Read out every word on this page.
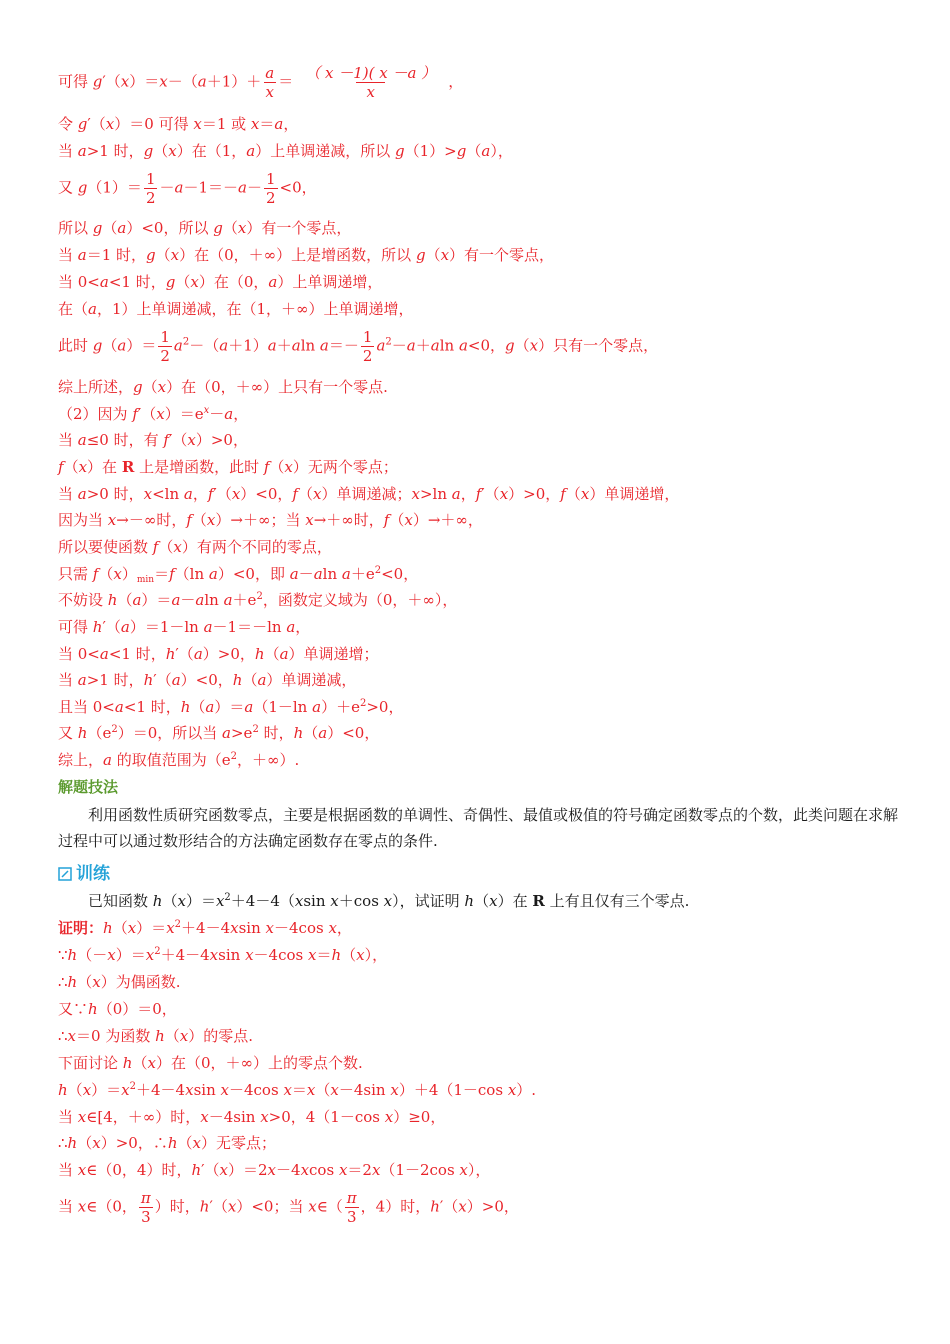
可得 $g'(x)=x-(a+1)+ \frac{a}{x} = \frac{( x -1)( x -a )}{x}$ ，
令 g′（x）＝0 可得 x＝1 或 x＝a，
当 a>1 时，g（x）在（1，a）上单调递减，所以 g（1）>g（a），
又 $g(1)= \frac{1}{2} -a-1=-a- \frac{1}{2} <0$，
所以 g（a）<0，所以 g（x）有一个零点，
当 a＝1 时，g（x）在（0，＋∞）上是增函数，所以 g（x）有一个零点，
当 0<a<1 时，g（x）在（0，a）上单调递增，
在（a，1）上单调递减，在（1，＋∞）上单调递增，
此时 $g(a)= \frac{1}{2} a^2-(a+1)a+aln$ $a=- \frac{1}{2} a^2-a+aln$ a<0，g（x）只有一个零点，
综上所述，g（x）在（0，＋∞）上只有一个零点.
（2）因为 $f'(x)=e^x-a$，
当 a≤0 时，有 f′（x）>0，
f（x）在 R 上是增函数，此时 f（x）无两个零点；
当 a>0 时，x<ln a，f′（x）<0，f（x）单调递减；x>ln a，f′（x）>0，f（x）单调递增，
因为当 x→－∞时，f（x）→＋∞；当 x→＋∞时，f（x）→＋∞，
所以要使函数 f（x）有两个不同的零点，
只需 $f(x)_{min}=f(\ln$ a）<0，即 a－aln $a+e^2<0$，
不妨设 h（a）＝a－aln $a+e^2$，函数定义域为（0，＋∞），
可得 h′（a）＝1－ln a－1＝－ln a，
当 0<a<1 时，h′（a）>0，h（a）单调递增；
当 a>1 时，h′（a）<0，h（a）单调递减，
且当 0<a<1 时，h（a）＝a（1－ln $a)+e^2>0$，
又 $h(e^2)=0$，所以当 $a>e^2$ 时，h（a）<0，
综上，a 的取值范围为（$e^2$，＋∞）.
解题技法
利用函数性质研究函数零点，主要是根据函数的单调性、奇偶性、最值或极值的符号确定函数零点的个数，此类问题在求解过程中可以通过数形结合的方法确定函数存在零点的条件.
训练
已知函数 $h(x)=x^2+4-4(xsin$ x＋cos x），试证明 h（x）在 R 上有且仅有三个零点.
证明：$h(x)=x^2+4-4xsin$ x－4cos x，
$\because h(-x)=x^2+4-4xsin$ x－4cos x＝h（x），
∴h（x）为偶函数.
又∵h（0）＝0，
∴x＝0 为函数 h（x）的零点.
下面讨论 h（x）在（0，＋∞）上的零点个数.
$h(x)=x^2+4-4xsin$ x－4cos x＝x（x－4sin x）＋4（1－cos x）.
当 x∈[4，＋∞）时，x－4sin x>0，4（1－cos x）≥0，
∴h（x）>0，∴h（x）无零点；
当 x∈（0，4）时，h′（x）＝2x－4xcos x＝2x（1－2cos x），
当 x∈（0， $\frac{\pi}{3}$ ）时，h′（x）<0；当 x∈（ $\frac{\pi}{3}$ ，4）时，h′（x）>0，
